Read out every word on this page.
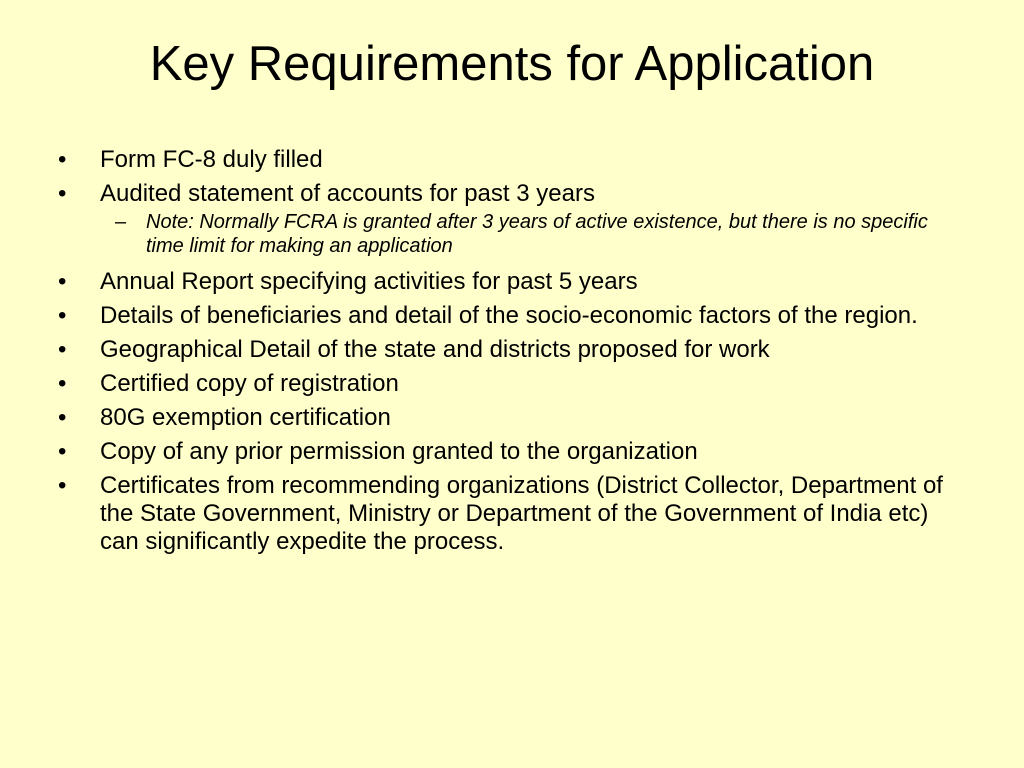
Key Requirements for Application
•	Form FC-8 duly filled
•	Audited statement of accounts for past 3 years
– Note: Normally FCRA is granted after 3 years of active existence, but there is no specific time limit for making an application
•	Annual Report specifying activities for past 5 years
•	Details of beneficiaries and detail of the socio-economic factors of the region.
•	Geographical Detail of the state and districts proposed for work
•	Certified copy of registration
•	80G exemption certification
•	Copy of any prior permission granted to the organization
•	Certificates from recommending organizations (District Collector, Department of the State Government, Ministry or Department of the Government of India etc) can significantly expedite the process.
